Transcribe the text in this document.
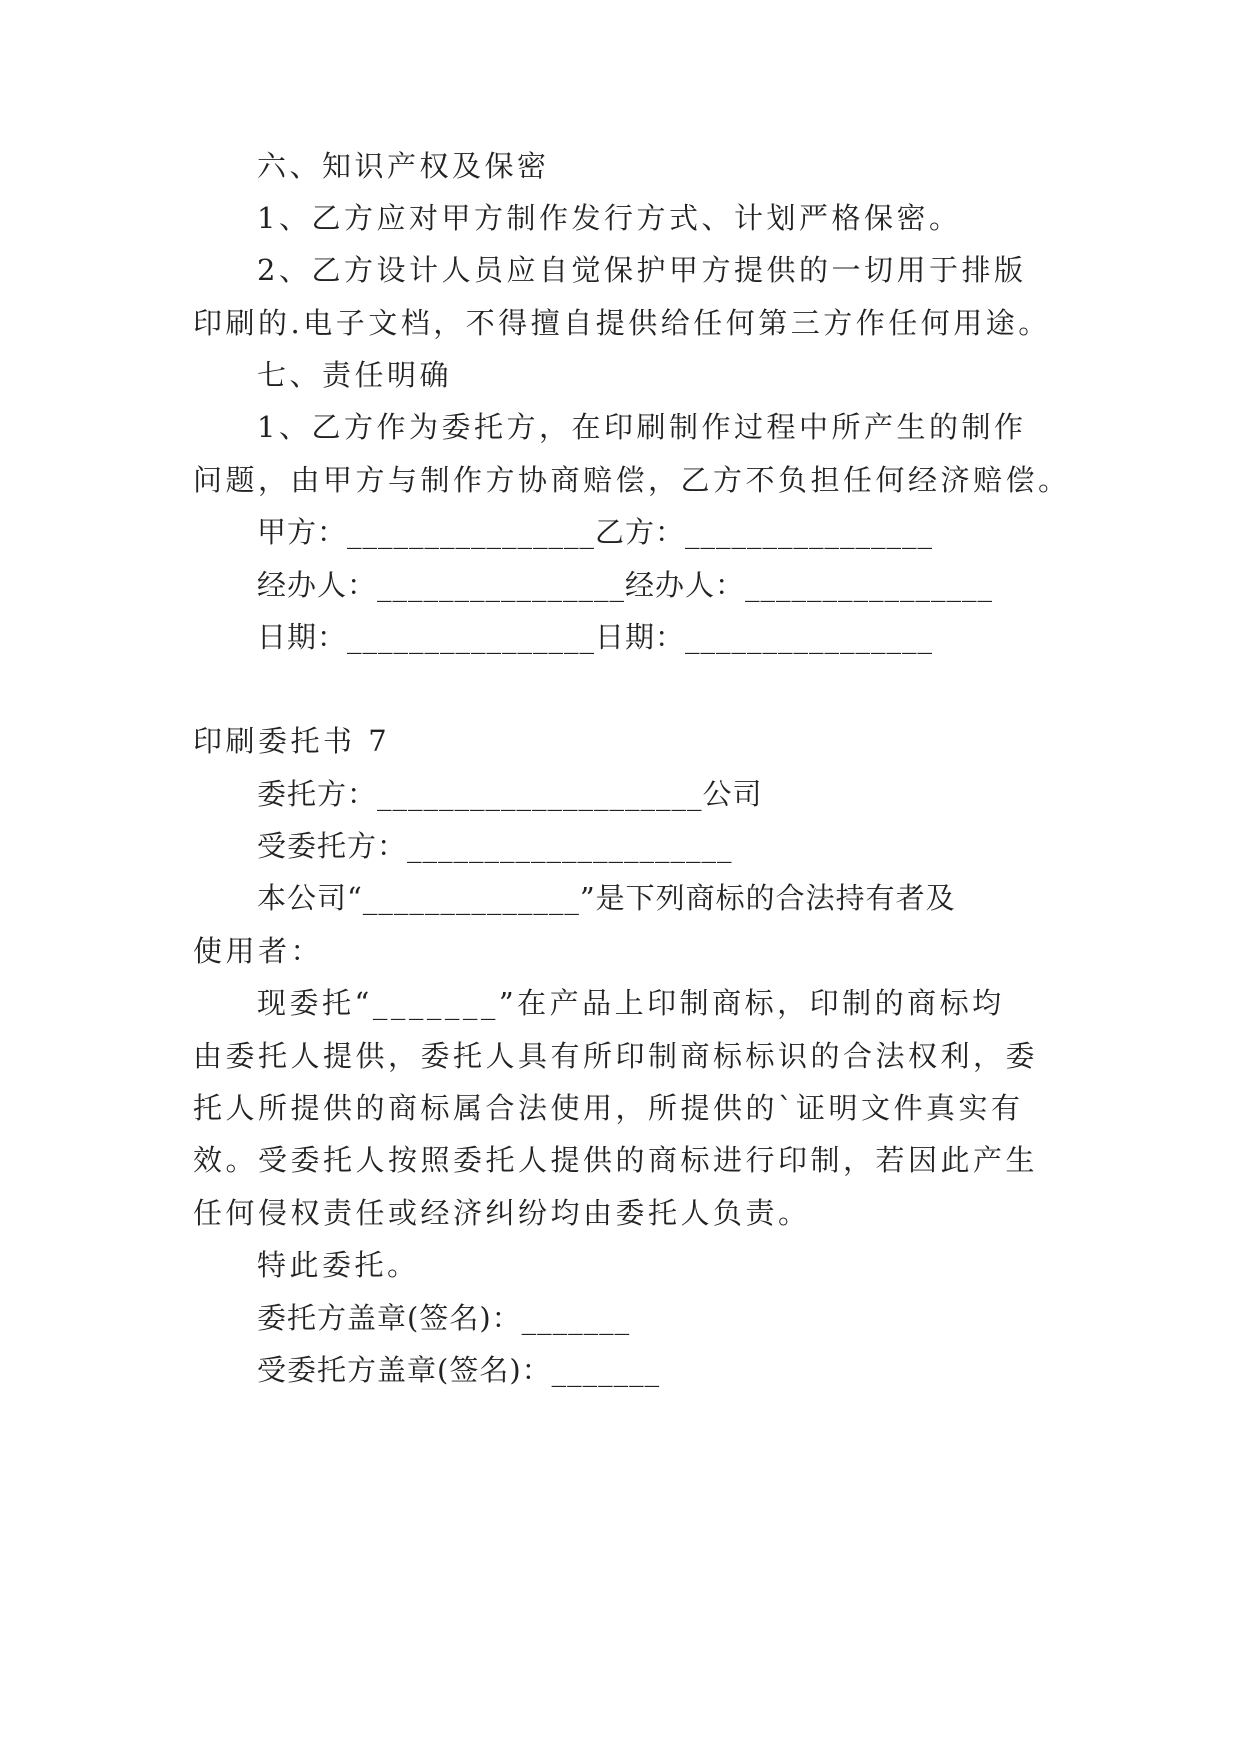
六、知识产权及保密
1、乙方应对甲方制作发行方式、计划严格保密。
2、乙方设计人员应自觉保护甲方提供的一切用于排版
印刷的.电子文档，不得擅自提供给任何第三方作任何用途。
七、责任明确
1、乙方作为委托方，在印刷制作过程中所产生的制作
问题，由甲方与制作方协商赔偿，乙方不负担任何经济赔偿。
甲方：________________乙方：________________
经办人：________________经办人：________________
日期：________________日期：________________
印刷委托书 7
委托方：_____________________公司
受委托方：_____________________
本公司“______________”是下列商标的合法持有者及
使用者：
现委托“_______”在产品上印制商标，印制的商标均
由委托人提供，委托人具有所印制商标标识的合法权利，委
托人所提供的商标属合法使用，所提供的`证明文件真实有
效。受委托人按照委托人提供的商标进行印制，若因此产生
任何侵权责任或经济纠纷均由委托人负责。
特此委托。
委托方盖章(签名)：_______
受委托方盖章(签名)：_______
